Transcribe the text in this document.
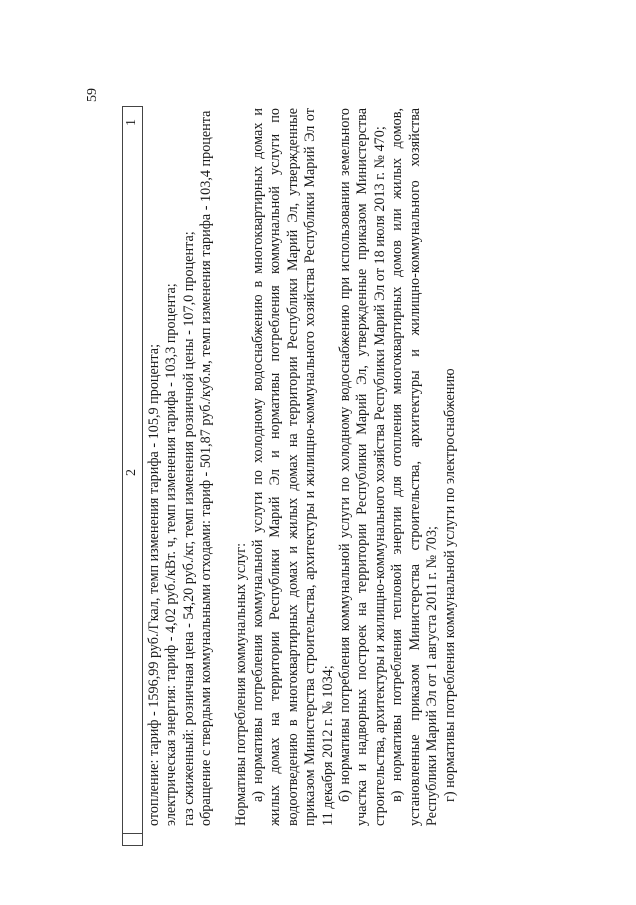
59
1
2 отопление: тариф - 1596,99 руб./Гкал, темп изменения тарифа - 105,9 процента; электрическая энергия: тариф - 4,02 руб./кВт. ч, темп изменения тарифа - 103,3 процента; газ сжиженный: розничная цена - 54,20 руб./кг, темп изменения розничной цены - 107,0 процента; обращение с твердыми коммунальными отходами: тариф - 501,87 руб./куб.м, темп изменения тарифа - 103,4 процента Нормативы потребления коммунальных услуг: а) нормативы потребления коммунальной услуги по холодному водоснабжению в многоквартирных домах и жилых домах на территории Республики Марий Эл и нормативы потребления коммунальной услуги по водоотведению в многоквартирных домах и жилых домах на территории Республики Марий Эл, утвержденные приказом Министерства строительства, архитектуры и жилищно-коммунального хозяйства Республики Марий Эл от 11 декабря 2012 г. № 1034; б) нормативы потребления коммунальной услуги по холодному водоснабжению при использовании земельного участка и надворных построек на территории Республики Марий Эл, утвержденные приказом Министерства строительства, архитектуры и жилищно-коммунального хозяйства Республики Марий Эл от 18 июля 2013 г. № 470; в) нормативы потребления тепловой энергии для отопления многоквартирных домов или жилых домов, установленные приказом Министерства строительства, архитектуры и жилищно-коммунального хозяйства Республики Марий Эл от 1 августа 2011 г. № 703; г) нормативы потребления коммунальной услуги по электроснабжению
